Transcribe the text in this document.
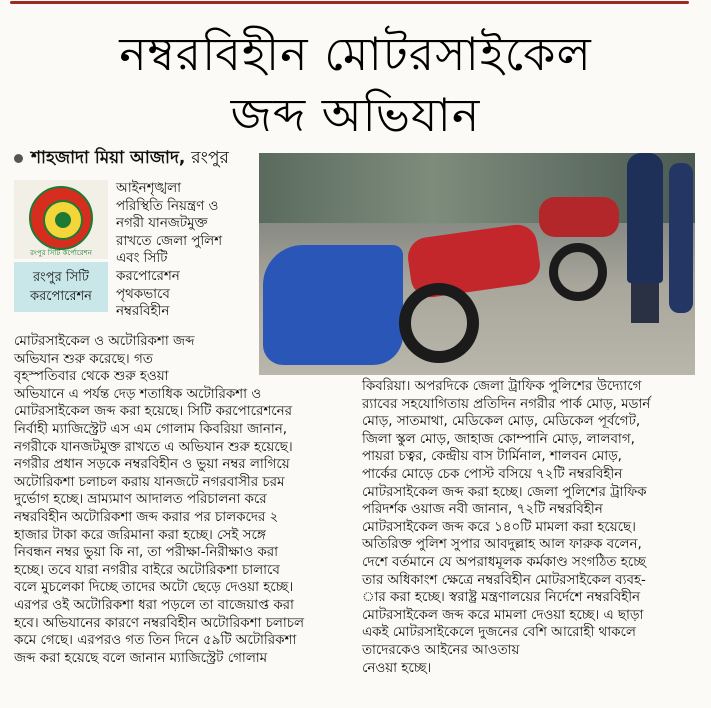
নম্বরবিহীন মোটরসাইকেল
জব্দ অভিযান
শাহজাদা মিয়া আজাদ, রংপুর
রংপুর সিটি কর্পোরেশন
রংপুর সিটি
করপোরেশন

আইনশৃঙ্খলা

পরিস্থিতি নিয়ন্ত্রণ ও

নগরী যানজটমুক্ত

রাখতে জেলা পুলিশ

এবং সিটি

করপোরেশন

পৃথকভাবে

নম্বরবিহীন

মোটরসাইকেল ও অটোরিকশা জব্দ

অভিযান শুরু করেছে। গত

বৃহস্পতিবার থেকে শুরু হওয়া

অভিযানে এ পর্যন্ত দেড় শতাধিক অটোরিকশা ও

মোটরসাইকেল জব্দ করা হয়েছে। সিটি করপোরেশনের

নির্বাহী ম্যাজিস্ট্রেট এস এম গোলাম কিবরিয়া জানান,

নগরীকে যানজটমুক্ত রাখতে এ অভিযান শুরু হয়েছে।

নগরীর প্রধান সড়কে নম্বরবিহীন ও ভুয়া নম্বর লাগিয়ে

অটোরিকশা চলাচল করায় যানজটে নগরবাসীর চরম

দুর্ভোগ হচ্ছে। ভ্রাম্যমাণ আদালত পরিচালনা করে

নম্বরবিহীন অটোরিকশা জব্দ করার পর চালকদের ২

হাজার টাকা করে জরিমানা করা হচ্ছে। সেই সঙ্গে

নিবন্ধন নম্বর ভুয়া কি না, তা পরীক্ষা-নিরীক্ষাও করা

হচ্ছে। তবে যারা নগরীর বাইরে অটোরিকশা চালাবে

বলে মুচলেকা দিচ্ছে তাদের অটো ছেড়ে দেওয়া হচ্ছে।

এরপর ওই অটোরিকশা ধরা পড়লে তা বাজেয়াপ্ত করা

হবে। অভিযানের কারণে নম্বরবিহীন অটোরিকশা চলাচল

কমে গেছে। এরপরও গত তিন দিনে ৫৯টি অটোরিকশা

জব্দ করা হয়েছে বলে জানান ম্যাজিস্ট্রেট গোলাম

কিবরিয়া। অপরদিকে জেলা ট্রাফিক পুলিশের উদ্যোগে

র‍্যাবের সহযোগিতায় প্রতিদিন নগরীর পার্ক মোড়, মডার্ন

মোড়, সাতমাথা, মেডিকেল মোড়, মেডিকেল পূর্বগেট,

জিলা স্কুল মোড়, জাহাজ কোম্পানি মোড়, লালবাগ,

পায়রা চত্বর, কেন্দ্রীয় বাস টার্মিনাল, শালবন মোড়,

পার্কের মোড়ে চেক পোস্ট বসিয়ে ৭২টি নম্বরবিহীন

মোটরসাইকেল জব্দ করা হচ্ছে। জেলা পুলিশের ট্রাফিক

পরিদর্শক ওয়াজ নবী জানান, ৭২টি নম্বরবিহীন

মোটরসাইকেল জব্দ করে ১৪০টি মামলা করা হয়েছে।

অতিরিক্ত পুলিশ সুপার আবদুল্লাহ আল ফারুক বলেন,

দেশে বর্তমানে যে অপরাধমূলক কর্মকাণ্ড সংগঠিত হচ্ছে

তার অধিকাংশ ক্ষেত্রে নম্বরবিহীন মোটরসাইকেল ব্যবহ-

ার করা হচ্ছে। স্বরাষ্ট্র মন্ত্রণালয়ের নির্দেশে নম্বরবিহীন

মোটরসাইকেল জব্দ করে মামলা দেওয়া হচ্ছে। এ ছাড়া

একই মোটরসাইকেলে দুজনের বেশি আরোহী থাকলে

তাদেরকেও আইনের আওতায়

নেওয়া হচ্ছে।
